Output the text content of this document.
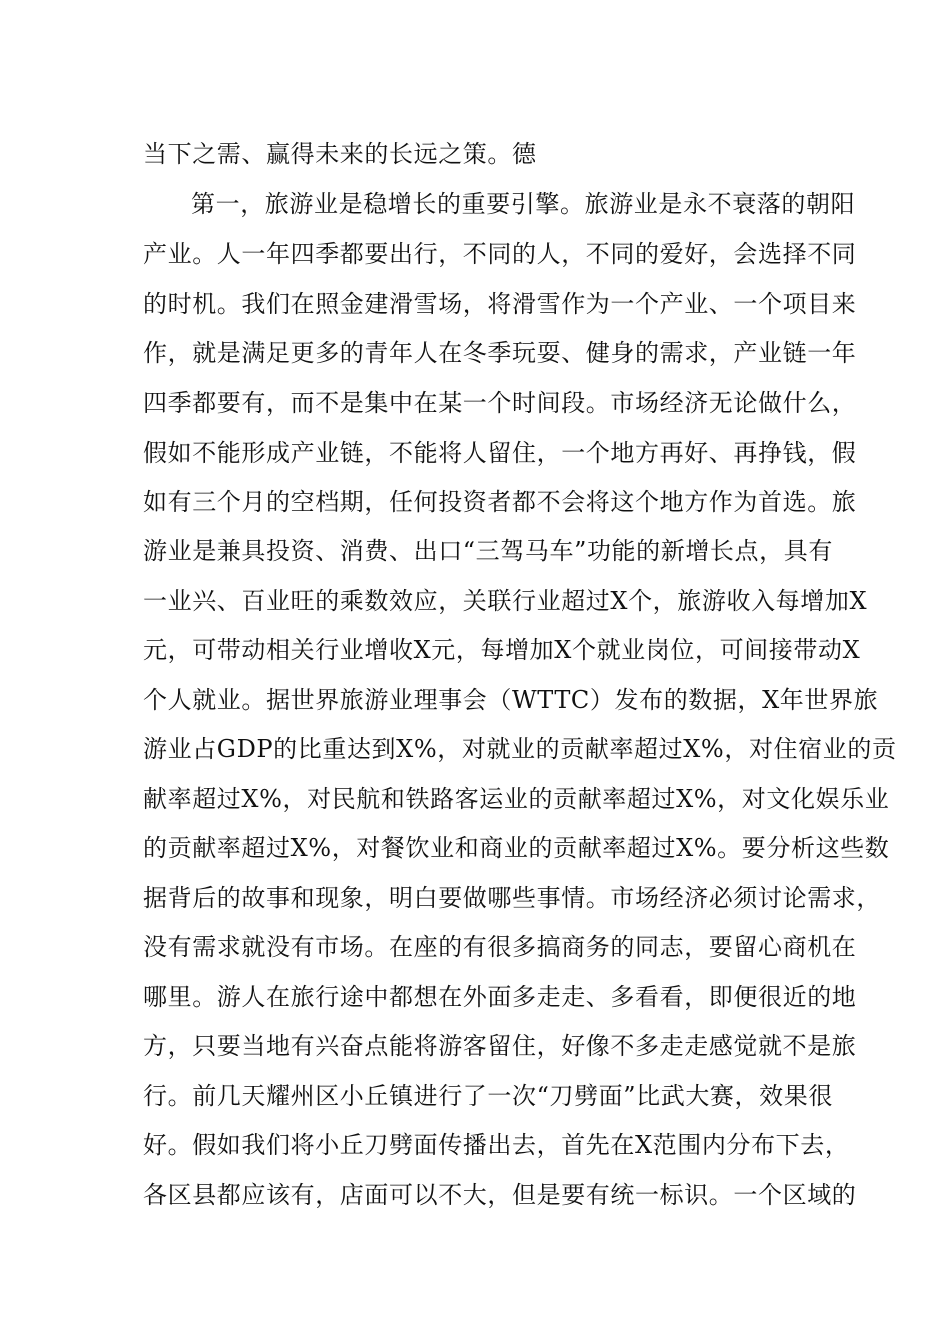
当下之需、赢得未来的长远之策。德
第一，旅游业是稳增长的重要引擎。旅游业是永不衰落的朝阳
产业。人一年四季都要出行，不同的人，不同的爱好，会选择不同
的时机。我们在照金建滑雪场，将滑雪作为一个产业、一个项目来
作，就是满足更多的青年人在冬季玩耍、健身的需求，产业链一年
四季都要有，而不是集中在某一个时间段。市场经济无论做什么，
假如不能形成产业链，不能将人留住，一个地方再好、再挣钱，假
如有三个月的空档期，任何投资者都不会将这个地方作为首选。旅
游业是兼具投资、消费、出口“三驾马车”功能的新增长点，具有
一业兴、百业旺的乘数效应，关联行业超过X个，旅游收入每增加X
元，可带动相关行业增收X元，每增加X个就业岗位，可间接带动X
个人就业。据世界旅游业理事会（WTTC）发布的数据，X年世界旅
游业占GDP的比重达到X%，对就业的贡献率超过X%，对住宿业的贡
献率超过X%，对民航和铁路客运业的贡献率超过X%，对文化娱乐业
的贡献率超过X%，对餐饮业和商业的贡献率超过X%。要分析这些数
据背后的故事和现象，明白要做哪些事情。市场经济必须讨论需求，
没有需求就没有市场。在座的有很多搞商务的同志，要留心商机在
哪里。游人在旅行途中都想在外面多走走、多看看，即便很近的地
方，只要当地有兴奋点能将游客留住，好像不多走走感觉就不是旅
行。前几天耀州区小丘镇进行了一次“刀劈面”比武大赛，效果很
好。假如我们将小丘刀劈面传播出去，首先在X范围内分布下去，
各区县都应该有，店面可以不大，但是要有统一标识。一个区域的
